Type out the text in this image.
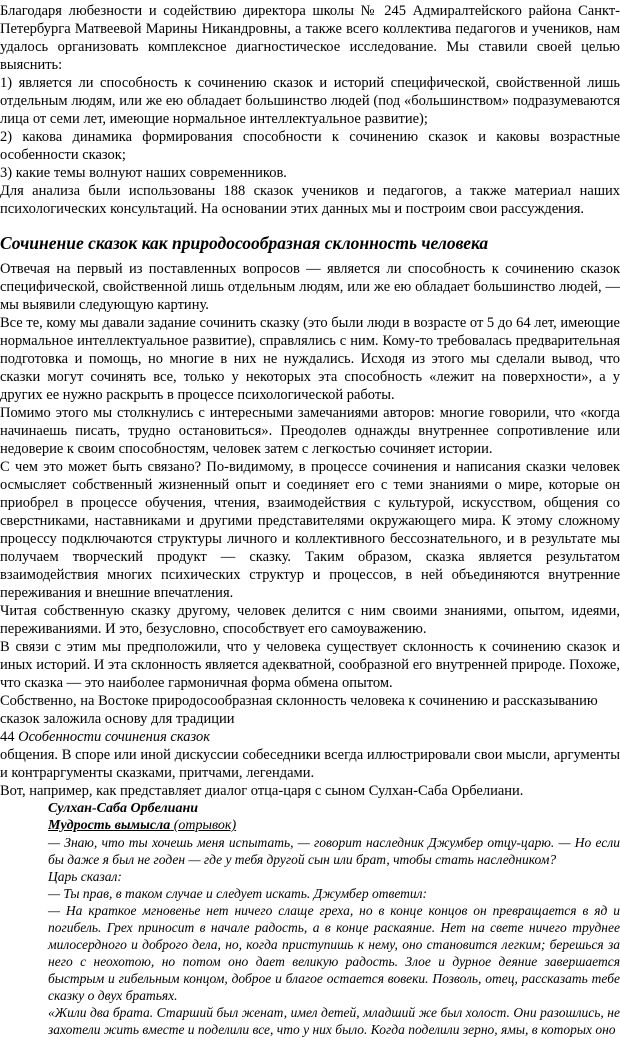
Благодаря любезности и содействию директора школы № 245 Адмиралтейского района Санкт-Петербурга Матвеевой Марины Никандровны, а также всего коллектива педагогов и учеников, нам удалось организовать комплексное диагностическое исследование. Мы ставили своей целью выяснить:

1) является ли способность к сочинению сказок и историй специфической, свойственной лишь отдельным людям, или же ею обладает большинство людей (под «большинством» подразумеваются лица от семи лет, имеющие нормальное интеллектуальное развитие);

2) какова динамика формирования способности к сочинению сказок и каковы возрастные особенности сказок;

3) какие темы волнуют наших современников.

Для анализа были использованы 188 сказок учеников и педагогов, а также материал наших психологических консультаций. На основании этих данных мы и построим свои рассуждения.

Сочинение сказок как природосообразная склонность человека

Отвечая на первый из поставленных вопросов — является ли способность к сочинению сказок специфической, свойственной лишь отдельным людям, или же ею обладает большинство людей, — мы выявили следующую картину.

Все те, кому мы давали задание сочинить сказку (это были люди в возрасте от 5 до 64 лет, имеющие нормальное интеллектуальное развитие), справлялись с ним. Кому-то требовалась предварительная подготовка и помощь, но многие в них не нуждались. Исходя из этого мы сделали вывод, что сказки могут сочинять все, только у некоторых эта способность «лежит на поверхности», а у других ее нужно раскрыть в процессе психологической работы.

Помимо этого мы столкнулись с интересными замечаниями авторов: многие говорили, что «когда начинаешь писать, трудно остановиться». Преодолев однажды внутреннее сопротивление или недоверие к своим способностям, человек затем с легкостью сочиняет истории.

С чем это может быть связано? По-видимому, в процессе сочинения и написания сказки человек осмысляет собственный жизненный опыт и соединяет его с теми знаниями о мире, которые он приобрел в процессе обучения, чтения, взаимодействия с культурой, искусством, общения со сверстниками, наставниками и другими представителями окружающего мира. К этому сложному процессу подключаются структуры личного и коллективного бессознательного, и в результате мы получаем творческий продукт — сказку. Таким образом, сказка является результатом взаимодействия многих психических структур и процессов, в ней объединяются внутренние переживания и внешние впечатления.

Читая собственную сказку другому, человек делится с ним своими знаниями, опытом, идеями, переживаниями. И это, безусловно, способствует его самоуважению.

В связи с этим мы предположили, что у человека существует склонность к сочинению сказок и иных историй. И эта склонность является адекватной, сообразной его внутренней природе. Похоже, что сказка — это наиболее гармоничная форма обмена опытом.

Собственно, на Востоке природосообразная склонность человека к сочинению и рассказыванию сказок заложила основу для традиции

44 Особенности сочинения сказок

общения. В споре или иной дискуссии собеседники всегда иллюстрировали свои мысли, аргументы и контраргументы сказками, притчами, легендами.

Вот, например, как представляет диалог отца-царя с сыном Сулхан-Саба Орбелиани.

Сулхан-Саба Орбелиани
Мудрость вымысла (отрывок)

— Знаю, что ты хочешь меня испытать, — говорит наследник Джумбер отцу-царю. — Но если бы даже я был не годен — где у тебя другой сын или брат, чтобы стать наследником?

Царь сказал:

— Ты прав, в таком случае и следует искать. Джумбер ответил:

— На краткое мгновенье нет ничего слаще греха, но в конце концов он превращается в яд и погибель. Грех приносит в начале радость, а в конце раскаяние. Нет на свете ничего труднее милосердного и доброго дела, но, когда приступишь к нему, оно становится легким; берешься за него с неохотою, но потом оно дает великую радость. Злое и дурное деяние завершается быстрым и гибельным концом, доброе и благое остается вовеки. Позволь, отец, рассказать тебе сказку о двух братьях.

«Жили два брата. Старший был женат, имел детей, младший же был холост. Они разошлись, не захотели жить вместе и поделили все, что у них было. Когда поделили зерно, ямы, в которых оно
